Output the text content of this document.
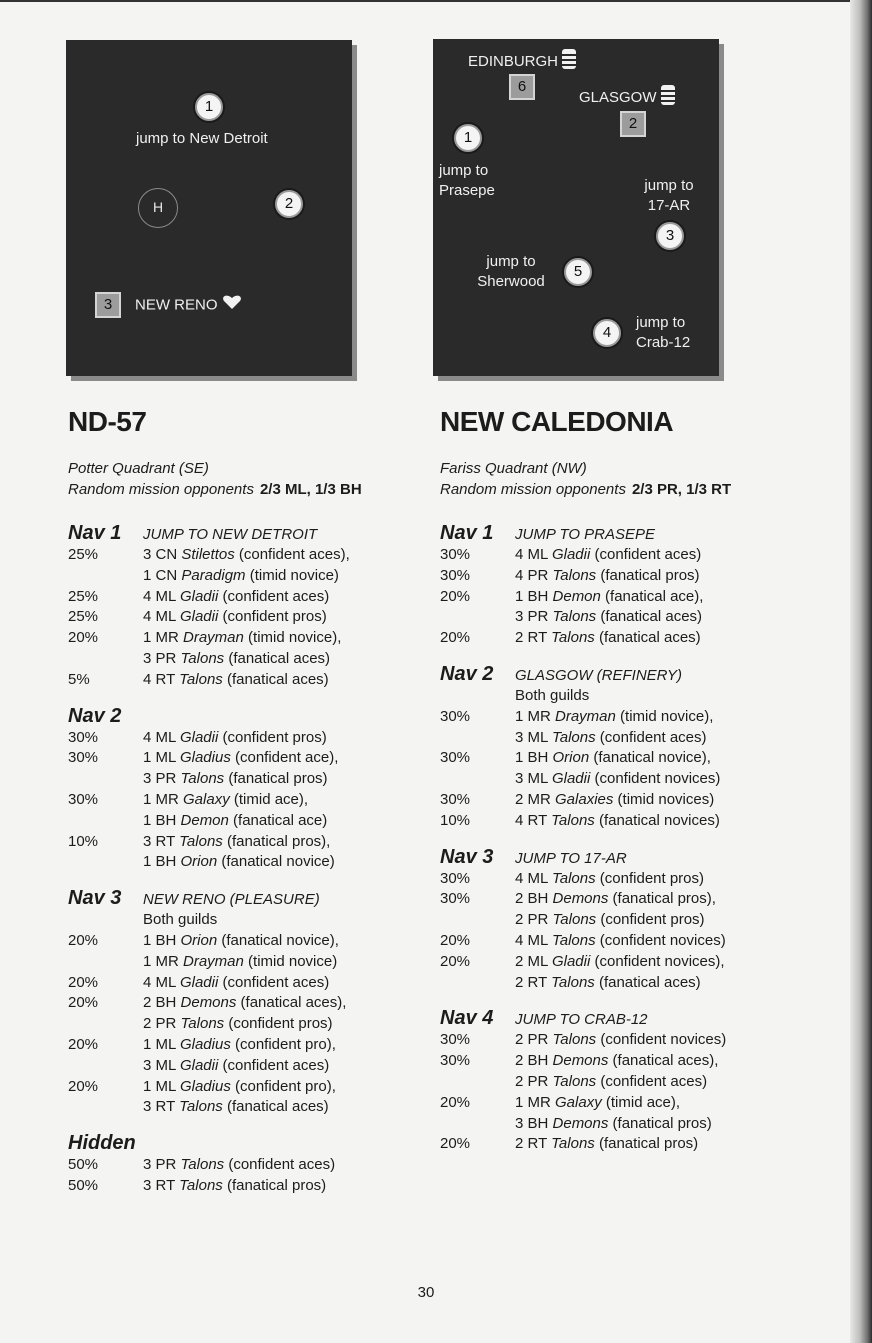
1
jump to New Detroit
H	2
3	NEW RENO
EDINBURGH
6
GLASGOW
2
1
jump to
Prasepe	jump to
17-AR
3
jump to
Sherwood
5
4
jump to
Crab-12
ND-57
Potter Quadrant (SE)
Random mission opponents 2/3 ML, 1/3 BH
Nav 1	JUMP TO NEW DETROIT
25%	3 CN Stilettos (confident aces),
1 CN Paradigm (timid novice)
25%	4 ML Gladii (confident aces)
25%	4 ML Gladii (confident pros)
20%	1 MR Drayman (timid novice),
3 PR Talons (fanatical aces)
5%	4 RT Talons (fanatical aces)
Nav 2
30%	4 ML Gladii (confident pros)
30%	1 ML Gladius (confident ace),
3 PR Talons (fanatical pros)
30%	1 MR Galaxy (timid ace),
1 BH Demon (fanatical ace)
10%	3 RT Talons (fanatical pros),
1 BH Orion (fanatical novice)
Nav 3	NEW RENO (PLEASURE)
Both guilds
20%	1 BH Orion (fanatical novice),
1 MR Drayman (timid novice)
20%	4 ML Gladii (confident aces)
20%	2 BH Demons (fanatical aces),
2 PR Talons (confident pros)
20%	1 ML Gladius (confident pro),
3 ML Gladii (confident aces)
20%	1 ML Gladius (confident pro),
3 RT Talons (fanatical aces)
Hidden
50%	3 PR Talons (confident aces)
50%	3 RT Talons (fanatical pros)
NEW CALEDONIA
Fariss Quadrant (NW)
Random mission opponents 2/3 PR, 1/3 RT
Nav 1	JUMP TO PRASEPE
30%	4 ML Gladii (confident aces)
30%	4 PR Talons (fanatical pros)
20%	1 BH Demon (fanatical ace),
3 PR Talons (fanatical aces)
20%	2 RT Talons (fanatical aces)
Nav 2	GLASGOW (REFINERY)
Both guilds
30%	1 MR Drayman (timid novice),
3 ML Talons (confident aces)
30%	1 BH Orion (fanatical novice),
3 ML Gladii (confident novices)
30%	2 MR Galaxies (timid novices)
10%	4 RT Talons (fanatical novices)
Nav 3	JUMP TO 17-AR
30%	4 ML Talons (confident pros)
30%	2 BH Demons (fanatical pros),
2 PR Talons (confident pros)
20%	4 ML Talons (confident novices)
20%	2 ML Gladii (confident novices),
2 RT Talons (fanatical aces)
Nav 4	JUMP TO CRAB-12
30%	2 PR Talons (confident novices)
30%	2 BH Demons (fanatical aces),
2 PR Talons (confident aces)
20%	1 MR Galaxy (timid ace),
3 BH Demons (fanatical pros)
20%	2 RT Talons (fanatical pros)
30
